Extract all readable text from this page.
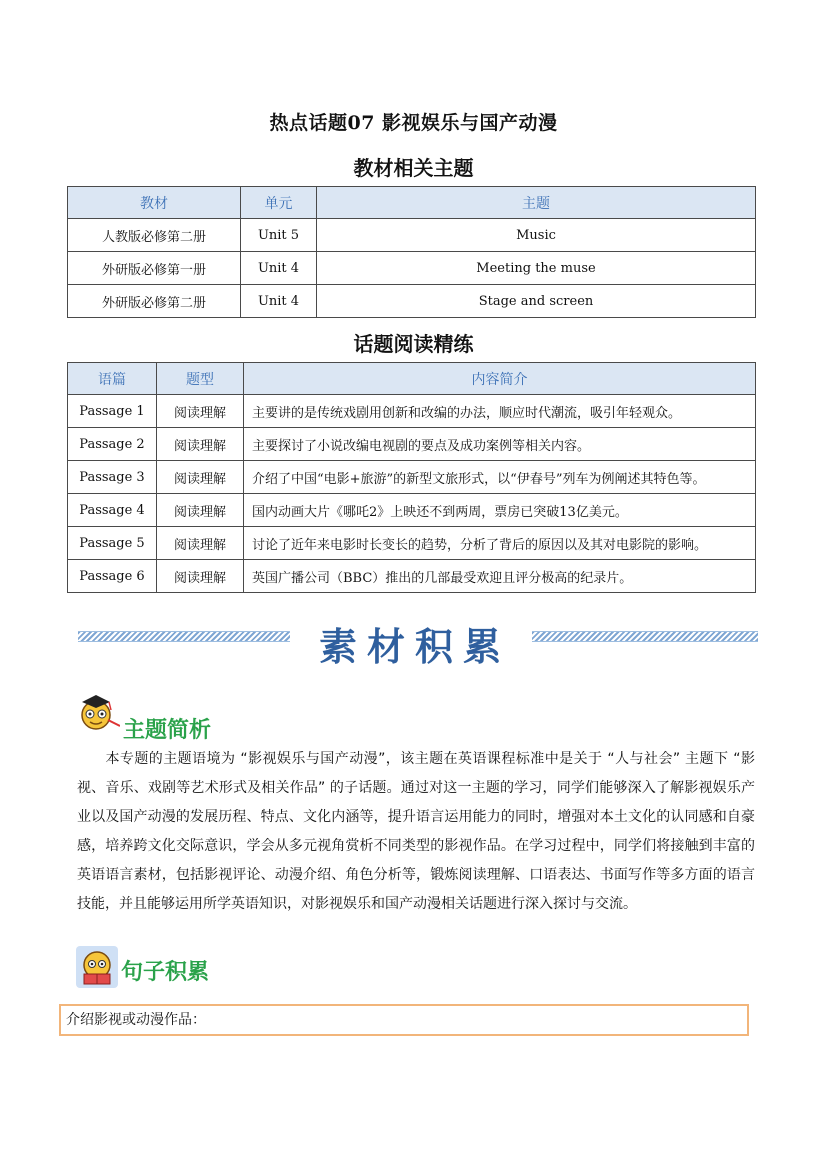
热点话题07 影视娱乐与国产动漫
教材相关主题
教材	单元	主题
人教版必修第二册	Unit 5	Music
外研版必修第一册	Unit 4	Meeting the muse
外研版必修第二册	Unit 4	Stage and screen
话题阅读精练
语篇	题型	内容简介
Passage 1	阅读理解	主要讲的是传统戏剧用创新和改编的办法，顺应时代潮流，吸引年轻观众。
Passage 2	阅读理解	主要探讨了小说改编电视剧的要点及成功案例等相关内容。
Passage 3	阅读理解	介绍了中国“电影+旅游”的新型文旅形式，以“伊春号”列车为例阐述其特色等。
Passage 4	阅读理解	国内动画大片《哪吒2》上映还不到两周，票房已突破13亿美元。
Passage 5	阅读理解	讨论了近年来电影时长变长的趋势，分析了背后的原因以及其对电影院的影响。
Passage 6	阅读理解	英国广播公司（BBC）推出的几部最受欢迎且评分极高的纪录片。
素材积累
主题简析
本专题的主题语境为 “影视娱乐与国产动漫”，该主题在英语课程标准中是关于 “人与社会” 主题下 “影视、音乐、戏剧等艺术形式及相关作品” 的子话题。通过对这一主题的学习，同学们能够深入了解影视娱乐产业以及国产动漫的发展历程、特点、文化内涵等，提升语言运用能力的同时，增强对本土文化的认同感和自豪感，培养跨文化交际意识，学会从多元视角赏析不同类型的影视作品。在学习过程中，同学们将接触到丰富的英语语言素材，包括影视评论、动漫介绍、角色分析等，锻炼阅读理解、口语表达、书面写作等多方面的语言技能，并且能够运用所学英语知识，对影视娱乐和国产动漫相关话题进行深入探讨与交流。
句子积累
介绍影视或动漫作品：
